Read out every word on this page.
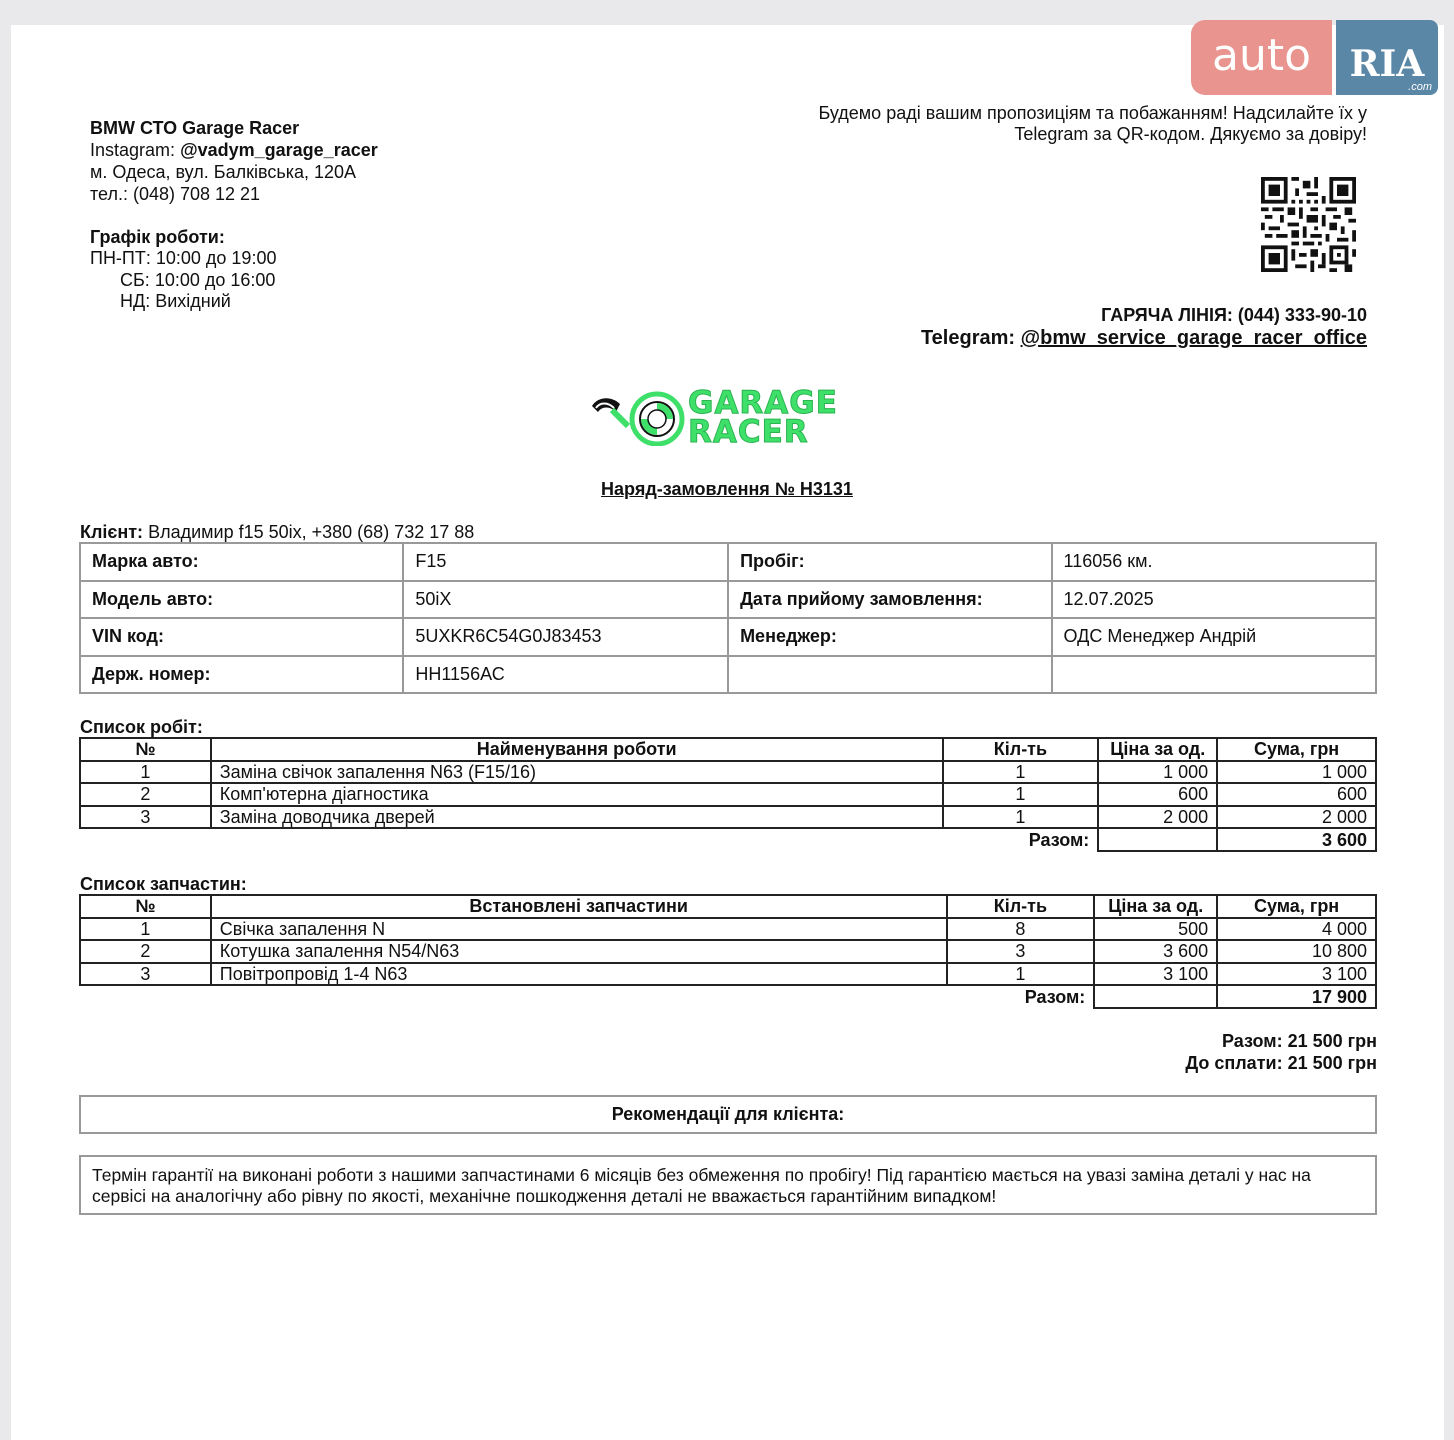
auto	RIA
.com
BMW СТО Garage Racer
Instagram: @vadym_garage_racer
м. Одеса, вул. Балківська, 120А
тел.: (048) 708 12 21
Графік роботи:
ПН-ПТ: 10:00 до 19:00
СБ: 10:00 до 16:00
НД: Вихідний
Будемо раді вашим пропозиціям та побажанням! Надсилайте їх у
Telegram за QR-кодом. Дякуємо за довіру!
ГАРЯЧА ЛІНІЯ: (044) 333-90-10
Telegram: @bmw_service_garage_racer_office
GARAGE
RACER
Наряд-замовлення № Н3131
Клієнт: Владимир f15 50ix, +380 (68) 732 17 88
Марка авто:	F15	Пробіг:	116056 км.
Модель авто:	50iX	Дата прийому замовлення:	12.07.2025
VIN код:	5UXKR6C54G0J83453	Менеджер:	ОДС Менеджер Андрій
Держ. номер:	НН1156АС		
Список робіт:
№	Найменування роботи	Кіл-ть	Ціна за од.	Сума, грн
1	Заміна свічок запалення N63 (F15/16)	1	1 000	1 000
2	Комп'ютерна діагностика	1	600	600
3	Заміна доводчика дверей	1	2 000	2 000
Разом:				3 600
Список запчастин:
№	Встановлені запчастини	Кіл-ть	Ціна за од.	Сума, грн
1	Свічка запалення N	8	500	4 000
2	Котушка запалення N54/N63	3	3 600	10 800
3	Повітропровід 1-4 N63	1	3 100	3 100
Разом:				17 900
Разом: 21 500 грн
До сплати: 21 500 грн
Рекомендації для клієнта:
Термін гарантії на виконані роботи з нашими запчастинами 6 місяців без обмеження по пробігу! Під гарантією мається на увазі заміна деталі у нас на
сервісі на аналогічну або рівну по якості, механічне пошкодження деталі не вважається гарантійним випадком!
